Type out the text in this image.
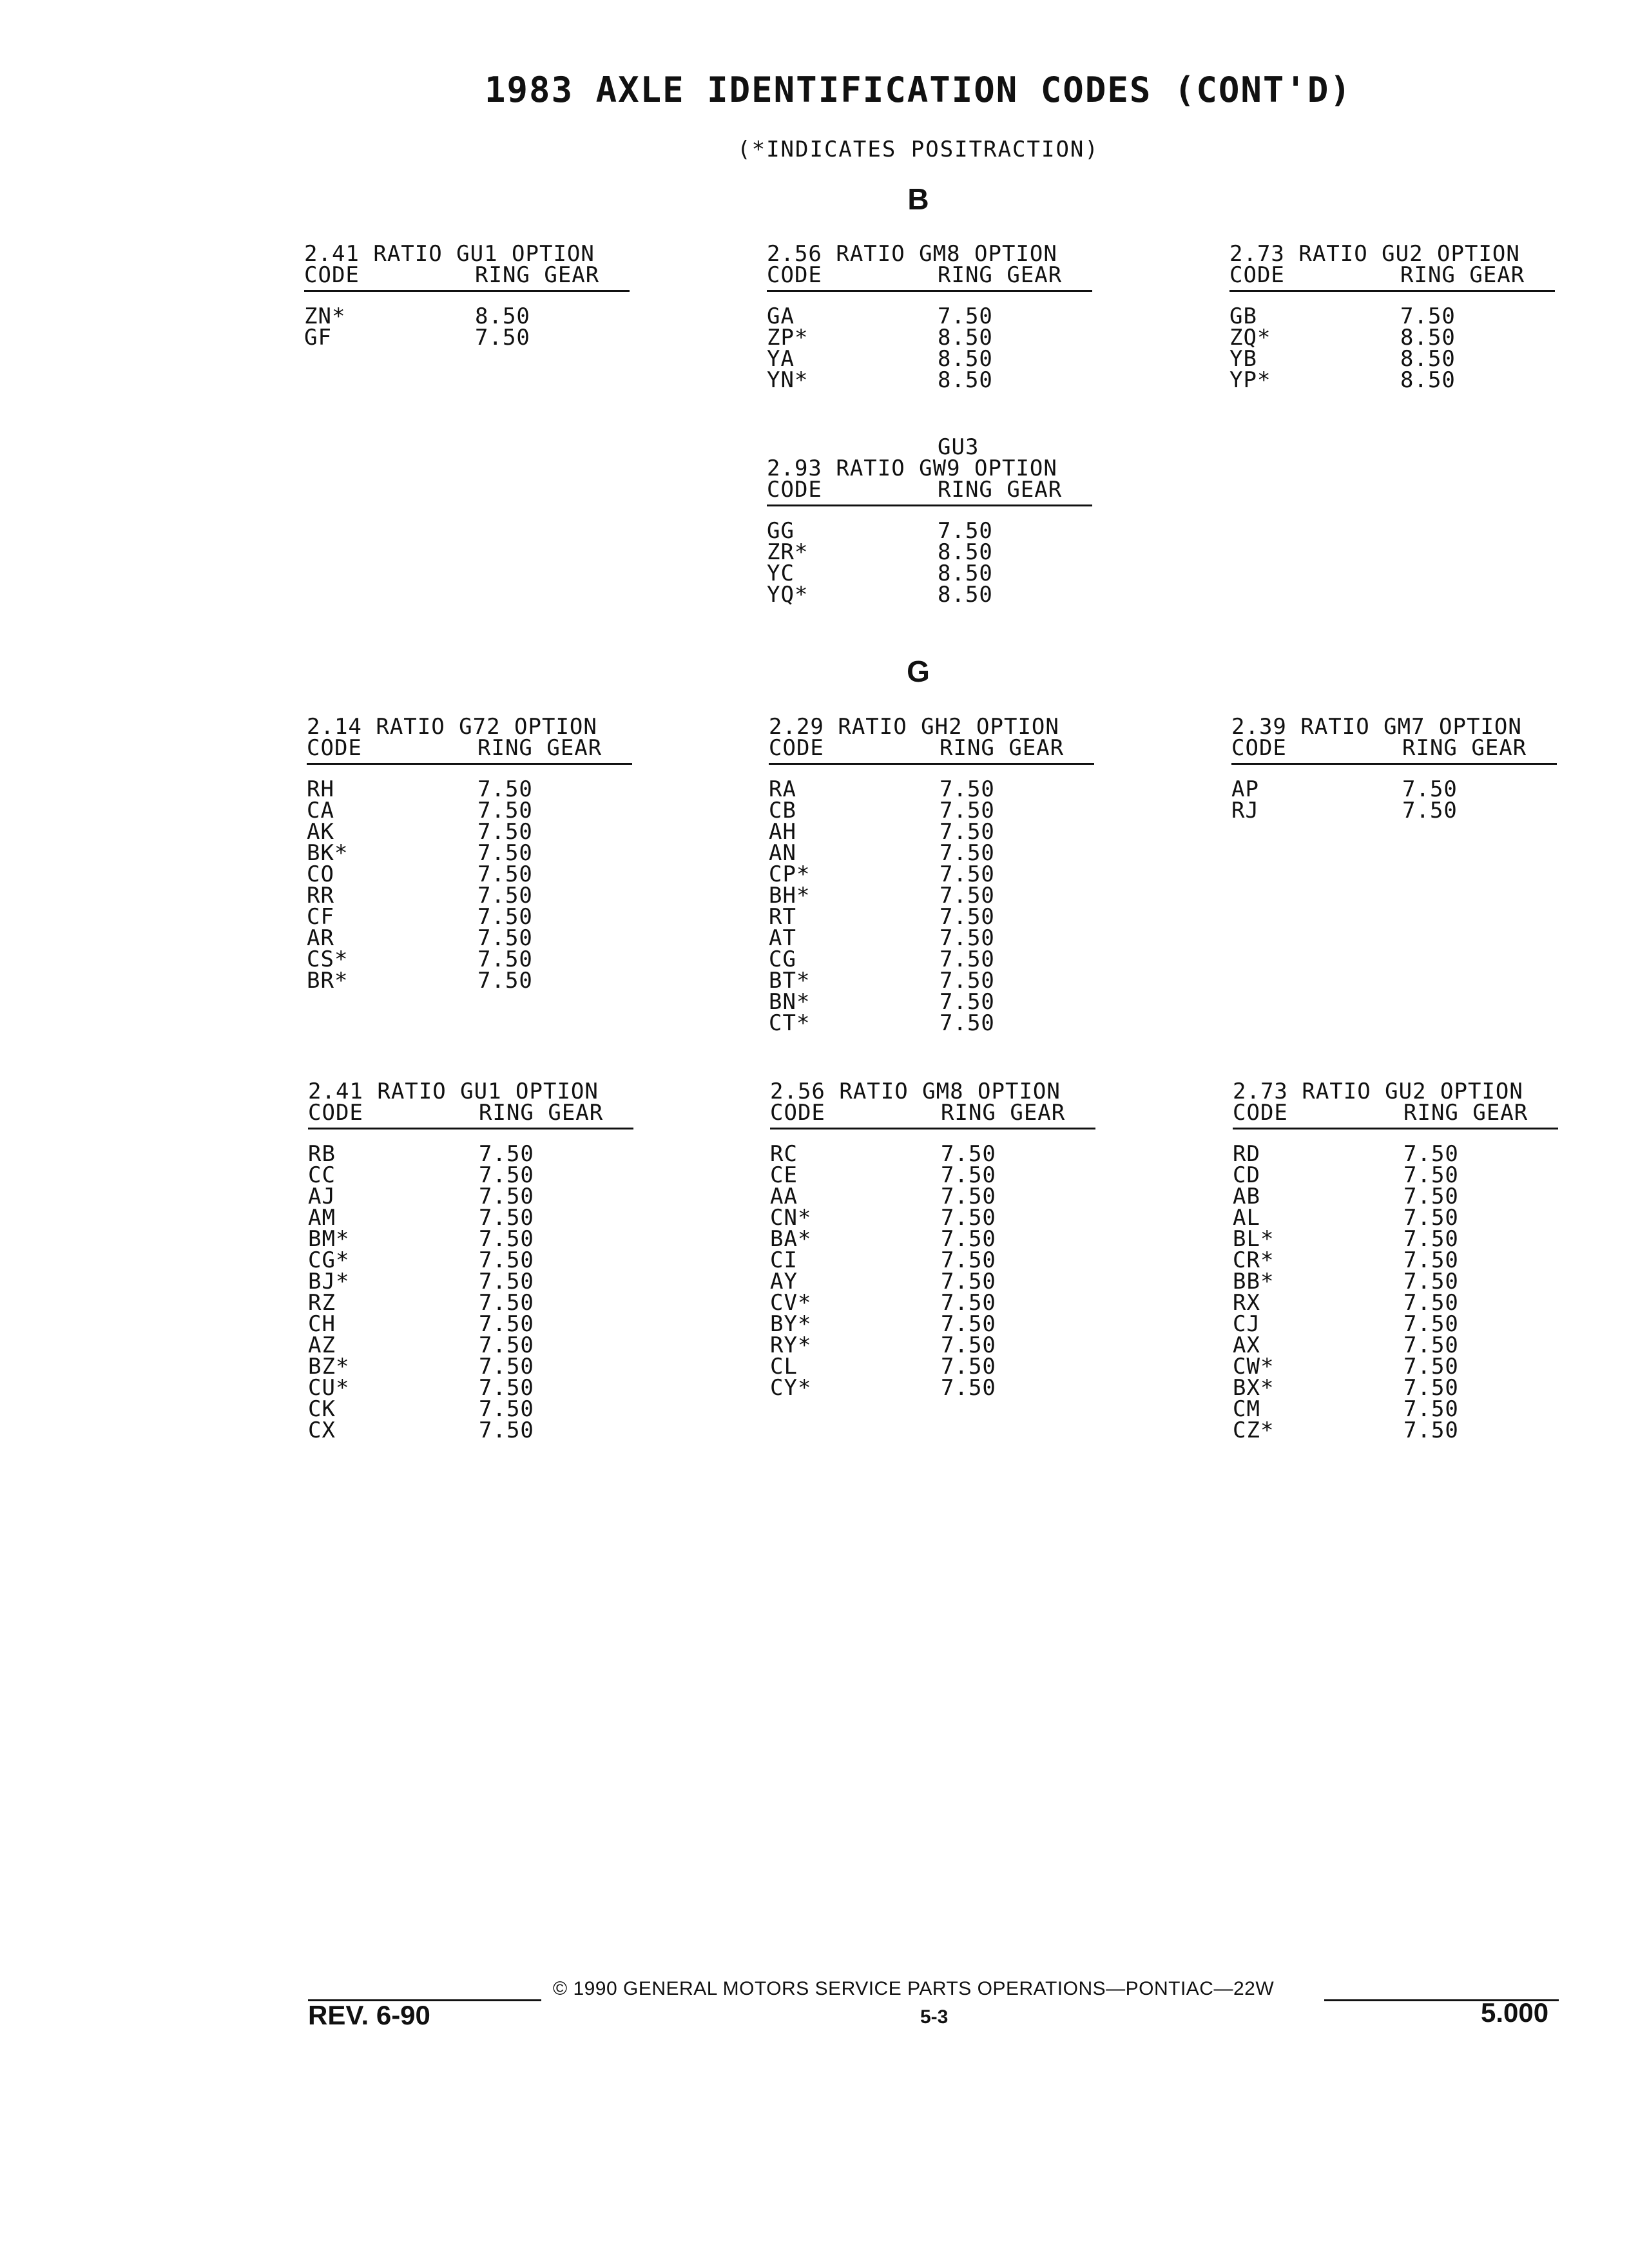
1983 AXLE IDENTIFICATION CODES (CONT'D)
(*INDICATES POSITRACTION)
B
G
2.41 RATIO GU1 OPTION
CODE	RING GEAR
ZN*	8.50
GF	7.50
2.56 RATIO GM8 OPTION
CODE	RING GEAR
GA	7.50
ZP*	8.50
YA	8.50
YN*	8.50
2.73 RATIO GU2 OPTION
CODE	RING GEAR
GB	7.50
ZQ*	8.50
YB	8.50
YP*	8.50
GU3
2.93 RATIO GW9 OPTION
CODE	RING GEAR
GG	7.50
ZR*	8.50
YC	8.50
YQ*	8.50
2.14 RATIO G72 OPTION
CODE	RING GEAR
RH	7.50
CA	7.50
AK	7.50
BK*	7.50
CO	7.50
RR	7.50
CF	7.50
AR	7.50
CS*	7.50
BR*	7.50
2.29 RATIO GH2 OPTION
CODE	RING GEAR
RA	7.50
CB	7.50
AH	7.50
AN	7.50
CP*	7.50
BH*	7.50
RT	7.50
AT	7.50
CG	7.50
BT*	7.50
BN*	7.50
CT*	7.50
2.39 RATIO GM7 OPTION
CODE	RING GEAR
AP	7.50
RJ	7.50
2.41 RATIO GU1 OPTION
CODE	RING GEAR
RB	7.50
CC	7.50
AJ	7.50
AM	7.50
BM*	7.50
CG*	7.50
BJ*	7.50
RZ	7.50
CH	7.50
AZ	7.50
BZ*	7.50
CU*	7.50
CK	7.50
CX	7.50
2.56 RATIO GM8 OPTION
CODE	RING GEAR
RC	7.50
CE	7.50
AA	7.50
CN*	7.50
BA*	7.50
CI	7.50
AY	7.50
CV*	7.50
BY*	7.50
RY*	7.50
CL	7.50
CY*	7.50
2.73 RATIO GU2 OPTION
CODE	RING GEAR
RD	7.50
CD	7.50
AB	7.50
AL	7.50
BL*	7.50
CR*	7.50
BB*	7.50
RX	7.50
CJ	7.50
AX	7.50
CW*	7.50
BX*	7.50
CM	7.50
CZ*	7.50
© 1990 GENERAL MOTORS SERVICE PARTS OPERATIONS—PONTIAC—22W
REV. 6-90	5-3	5.000
